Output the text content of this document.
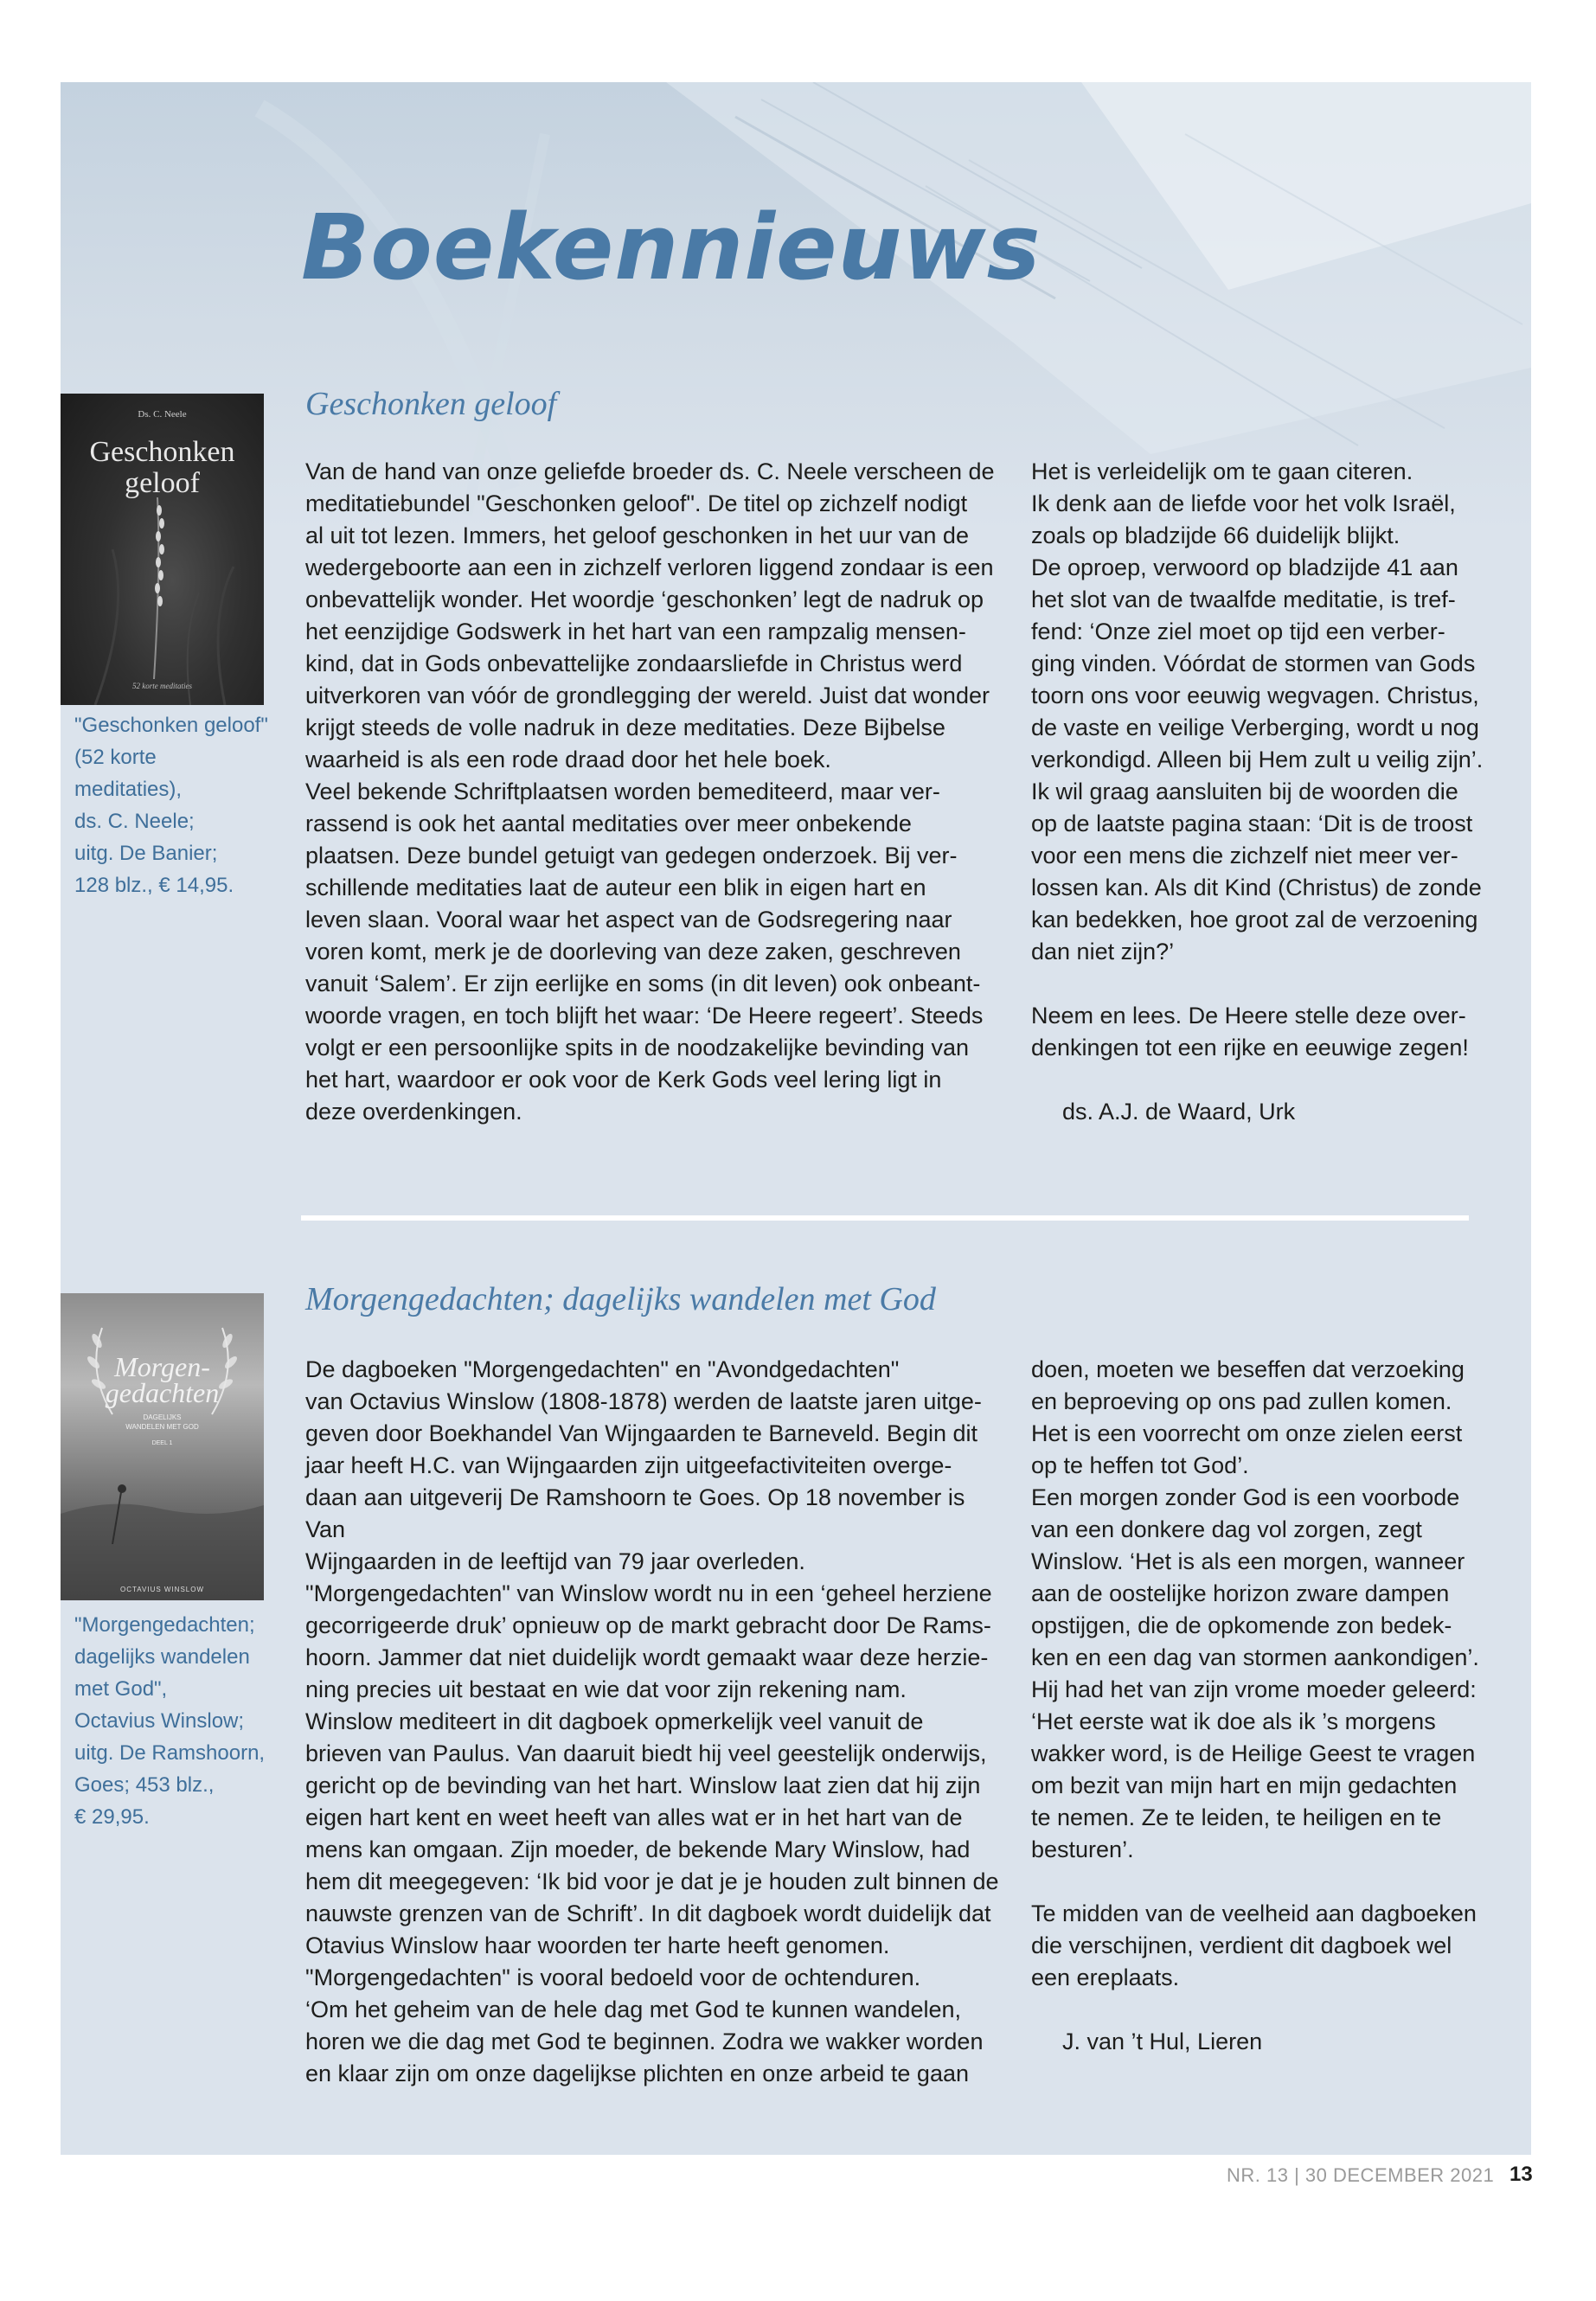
Boekennieuws
Ds. C. Neele
Geschonken
geloof
52 korte meditaties
"Geschonken geloof"
(52 korte
meditaties),
ds. C. Neele;
uitg. De Banier;
128 blz., € 14,95.
Geschonken geloof

Van de hand van onze geliefde broeder ds. C. Neele verscheen de

meditatiebundel "Geschonken geloof". De titel op zichzelf nodigt

al uit tot lezen. Immers, het geloof geschonken in het uur van de

wedergeboorte aan een in zichzelf verloren liggend zondaar is een

onbevattelijk wonder. Het woordje ‘geschonken’ legt de nadruk op

het eenzijdige Godswerk in het hart van een rampzalig mensen-

kind, dat in Gods onbevattelijke zondaarsliefde in Christus werd

uitverkoren van vóór de grondlegging der wereld. Juist dat wonder

krijgt steeds de volle nadruk in deze meditaties. Deze Bijbelse

waarheid is als een rode draad door het hele boek.

Veel bekende Schriftplaatsen worden bemediteerd, maar ver-

rassend is ook het aantal meditaties over meer onbekende

plaatsen. Deze bundel getuigt van gedegen onderzoek. Bij ver-

schillende meditaties laat de auteur een blik in eigen hart en

leven slaan. Vooral waar het aspect van de Godsregering naar

voren komt, merk je de doorleving van deze zaken, geschreven

vanuit ‘Salem’. Er zijn eerlijke en soms (in dit leven) ook onbeant-

woorde vragen, en toch blijft het waar: ‘De Heere regeert’. Steeds

volgt er een persoonlijke spits in de noodzakelijke bevinding van

het hart, waardoor er ook voor de Kerk Gods veel lering ligt in

deze overdenkingen.

Het is verleidelijk om te gaan citeren.

Ik denk aan de liefde voor het volk Israël,

zoals op bladzijde 66 duidelijk blijkt.

De oproep, verwoord op bladzijde 41 aan

het slot van de twaalfde meditatie, is tref-

fend: ‘Onze ziel moet op tijd een verber-

ging vinden. Vóórdat de stormen van Gods

toorn ons voor eeuwig wegvagen. Christus,

de vaste en veilige Verberging, wordt u nog

verkondigd. Alleen bij Hem zult u veilig zijn’.

Ik wil graag aansluiten bij de woorden die

op de laatste pagina staan: ‘Dit is de troost

voor een mens die zichzelf niet meer ver-

lossen kan. Als dit Kind (Christus) de zonde

kan bedekken, hoe groot zal de verzoening

dan niet zijn?’

Neem en lees. De Heere stelle deze over-

denkingen tot een rijke en eeuwige zegen!

ds. A.J. de Waard, Urk

Morgen-
gedachten
DAGELIJKS
WANDELEN MET GOD
DEEL 1
OCTAVIUS WINSLOW
"Morgengedachten;
dagelijks wandelen
met God",
Octavius Winslow;
uitg. De Ramshoorn,
Goes; 453 blz.,
€ 29,95.
Morgengedachten; dagelijks wandelen met God

De dagboeken "Morgengedachten" en "Avondgedachten"

van Octavius Winslow (1808-1878) werden de laatste jaren uitge-

geven door Boekhandel Van Wijngaarden te Barneveld. Begin dit

jaar heeft H.C. van Wijngaarden zijn uitgeefactiviteiten overge-

daan aan uitgeverij De Ramshoorn te Goes. Op 18 november is Van

Wijngaarden in de leeftijd van 79 jaar overleden.

"Morgengedachten" van Winslow wordt nu in een ‘geheel herziene

gecorrigeerde druk’ opnieuw op de markt gebracht door De Rams-

hoorn. Jammer dat niet duidelijk wordt gemaakt waar deze herzie-

ning precies uit bestaat en wie dat voor zijn rekening nam.

Winslow mediteert in dit dagboek opmerkelijk veel vanuit de

brieven van Paulus. Van daaruit biedt hij veel geestelijk onderwijs,

gericht op de bevinding van het hart. Winslow laat zien dat hij zijn

eigen hart kent en weet heeft van alles wat er in het hart van de

mens kan omgaan. Zijn moeder, de bekende Mary Winslow, had

hem dit meegegeven: ‘Ik bid voor je dat je je houden zult binnen de

nauwste grenzen van de Schrift’. In dit dagboek wordt duidelijk dat

Otavius Winslow haar woorden ter harte heeft genomen.

"Morgengedachten" is vooral bedoeld voor de ochtenduren.

‘Om het geheim van de hele dag met God te kunnen wandelen,

horen we die dag met God te beginnen. Zodra we wakker worden

en klaar zijn om onze dagelijkse plichten en onze arbeid te gaan

doen, moeten we beseffen dat verzoeking

en beproeving op ons pad zullen komen.

Het is een voorrecht om onze zielen eerst

op te heffen tot God’.

Een morgen zonder God is een voorbode

van een donkere dag vol zorgen, zegt

Winslow. ‘Het is als een morgen, wanneer

aan de oostelijke horizon zware dampen

opstijgen, die de opkomende zon bedek-

ken en een dag van stormen aankondigen’.

Hij had het van zijn vrome moeder geleerd:

‘Het eerste wat ik doe als ik ’s morgens

wakker word, is de Heilige Geest te vragen

om bezit van mijn hart en mijn gedachten

te nemen. Ze te leiden, te heiligen en te

besturen’.

Te midden van de veelheid aan dagboeken

die verschijnen, verdient dit dagboek wel

een ereplaats.

J. van ’t Hul, Lieren

NR. 13 | 30 DECEMBER 2021 13
